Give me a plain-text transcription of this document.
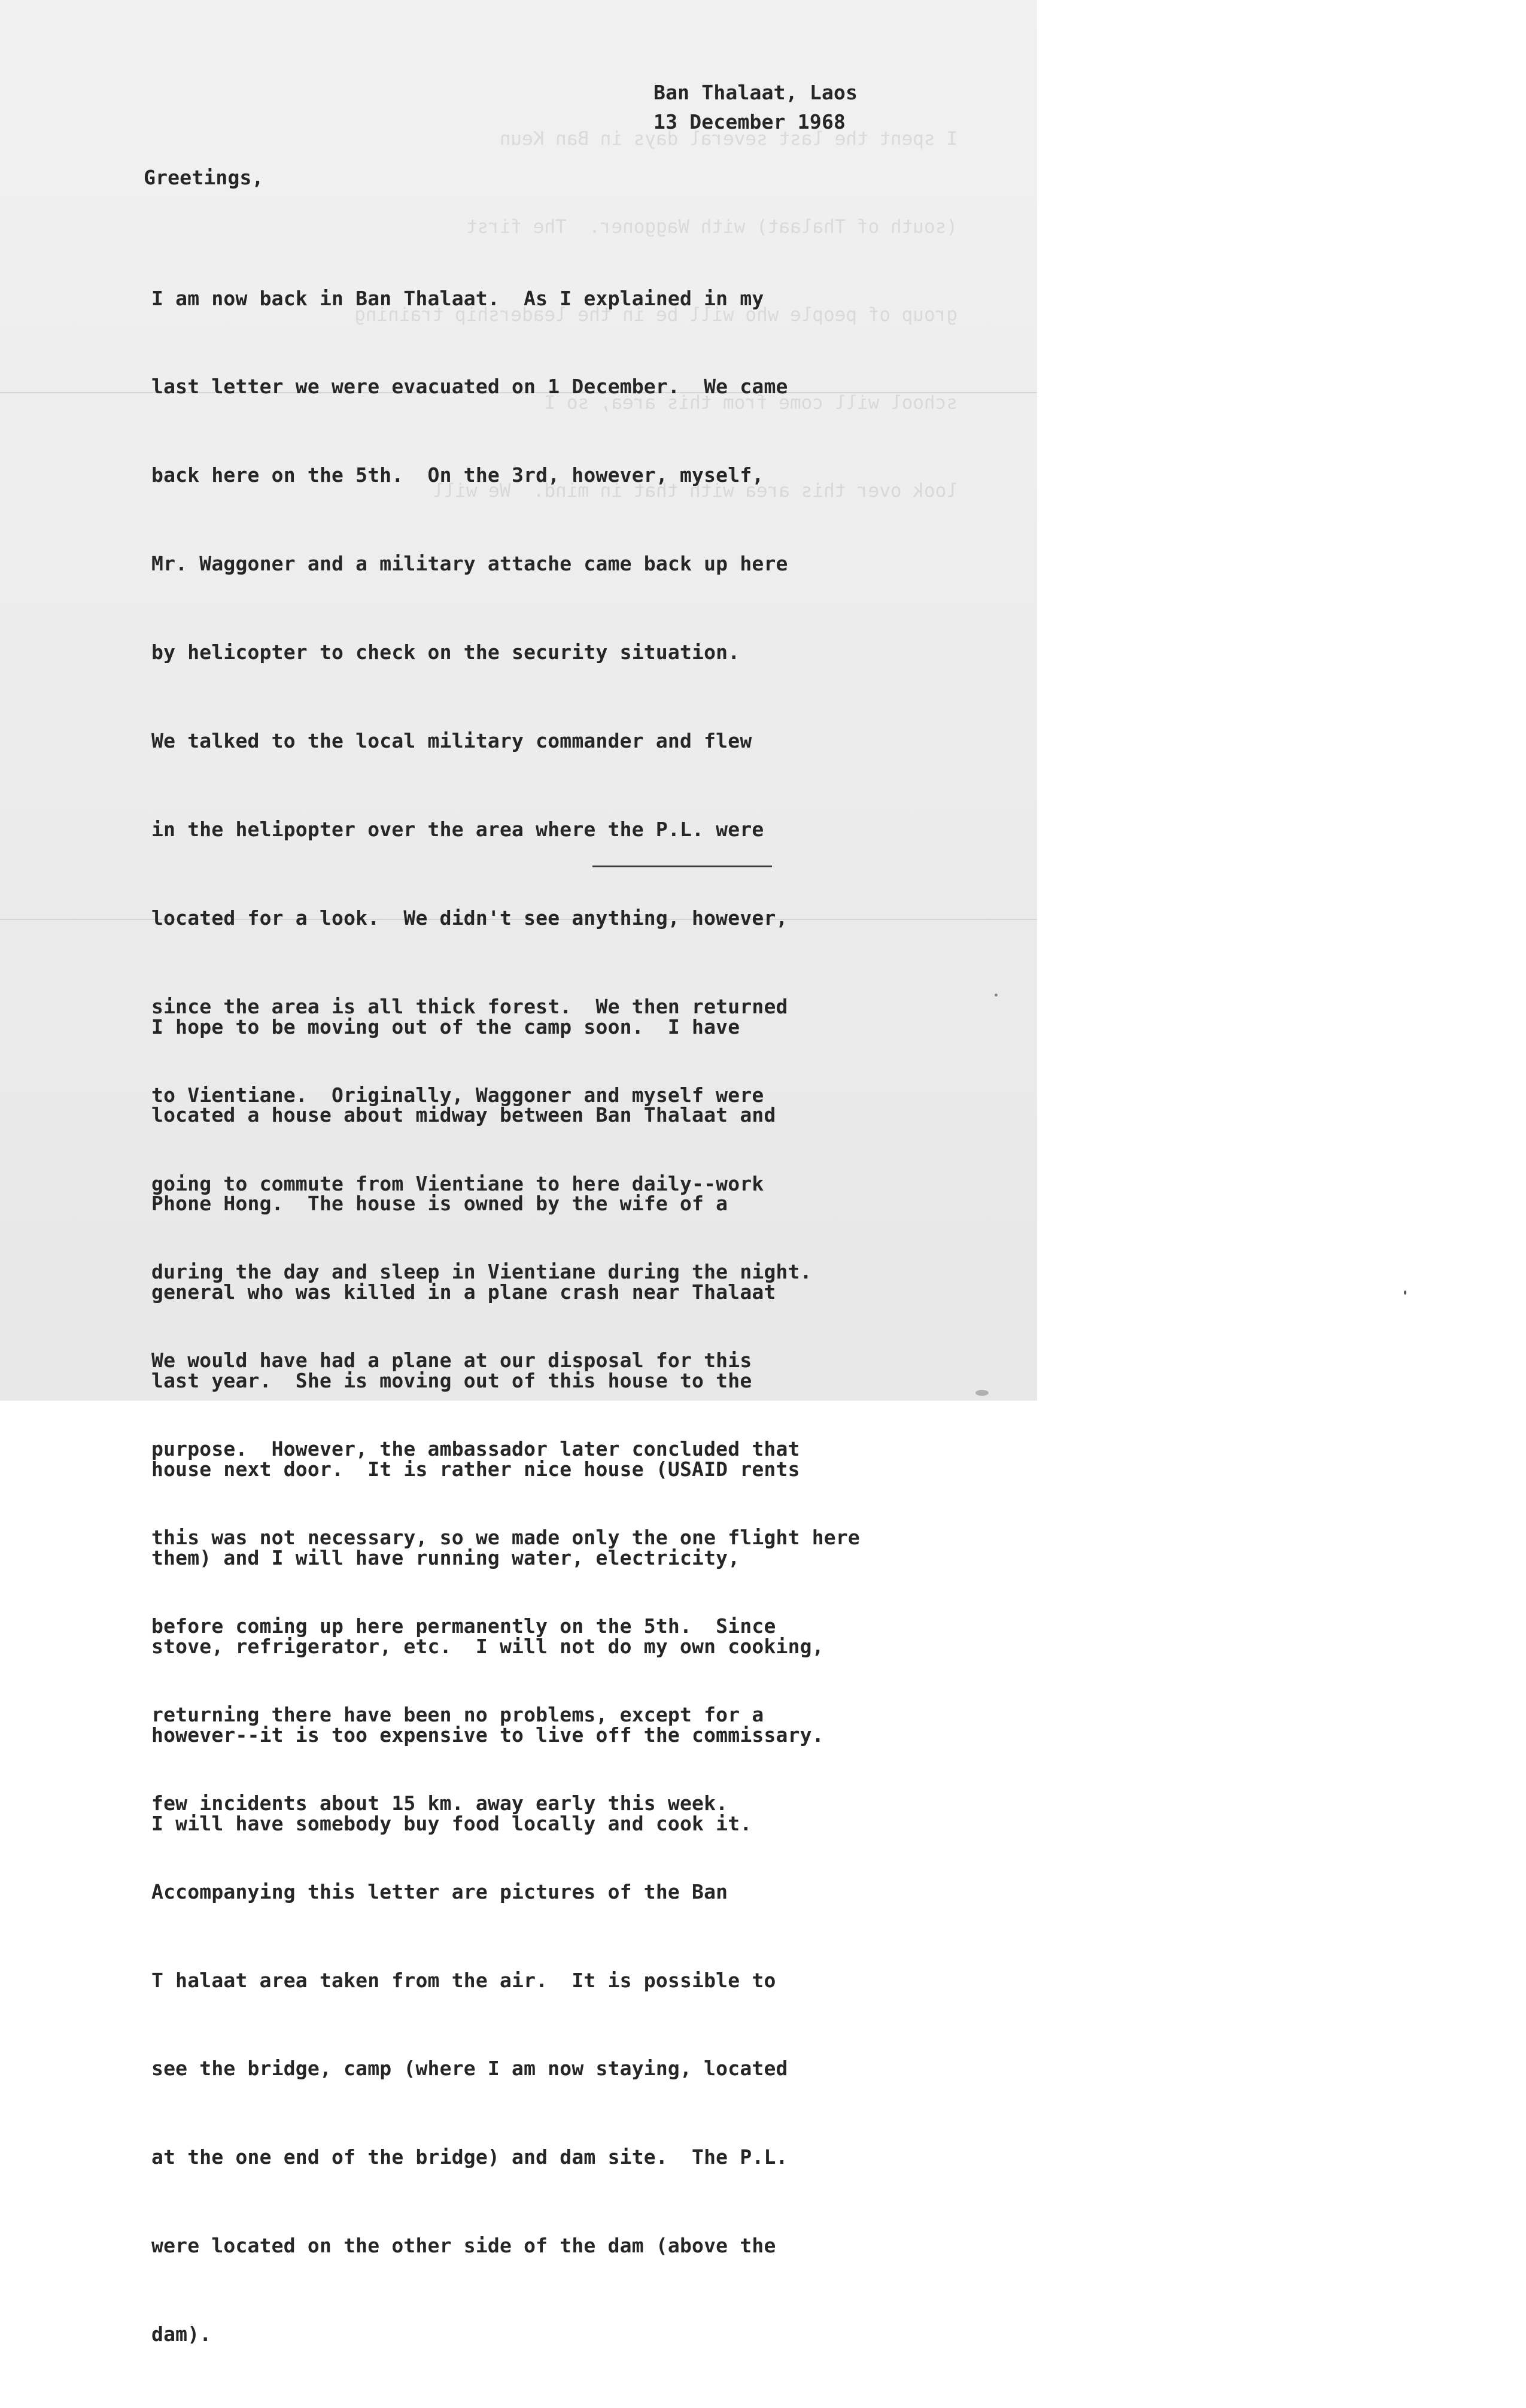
I spent the last several days in Ban Keun

(south of Thalaat) with Waggoner.  The first

group of people who will be in the leadership training

school will come from this area, so I

look over this area with that in mind.  We will

Ban Thalaat, Laos
13 December 1968
Greetings,

I am now back in Ban Thalaat.  As I explained in my

last letter we were evacuated on 1 December.  We came

back here on the 5th.  On the 3rd, however, myself,

Mr. Waggoner and a military attache came back up here

by helicopter to check on the security situation.

We talked to the local military commander and flew

in the helipopter over the area where the P.L. were

located for a look.  We didn't see anything, however,

since the area is all thick forest.  We then returned

to Vientiane.  Originally, Waggoner and myself were

going to commute from Vientiane to here daily--work

during the day and sleep in Vientiane during the night.

We would have had a plane at our disposal for this

purpose.  However, the ambassador later concluded that

this was not necessary, so we made only the one flight here

before coming up here permanently on the 5th.  Since

returning there have been no problems, except for a

few incidents about 15 km. away early this week.

Accompanying this letter are pictures of the Ban

T halaat area taken from the air.  It is possible to

see the bridge, camp (where I am now staying, located

at the one end of the bridge) and dam site.  The P.L.

were located on the other side of the dam (above the

dam).

I hope to be moving out of the camp soon.  I have

located a house about midway between Ban Thalaat and

Phone Hong.  The house is owned by the wife of a

general who was killed in a plane crash near Thalaat

last year.  She is moving out of this house to the

house next door.  It is rather nice house (USAID rents

them) and I will have running water, electricity,

stove, refrigerator, etc.  I will not do my own cooking,

however--it is too expensive to live off the commissary.

I will have somebody buy food locally and cook it.
